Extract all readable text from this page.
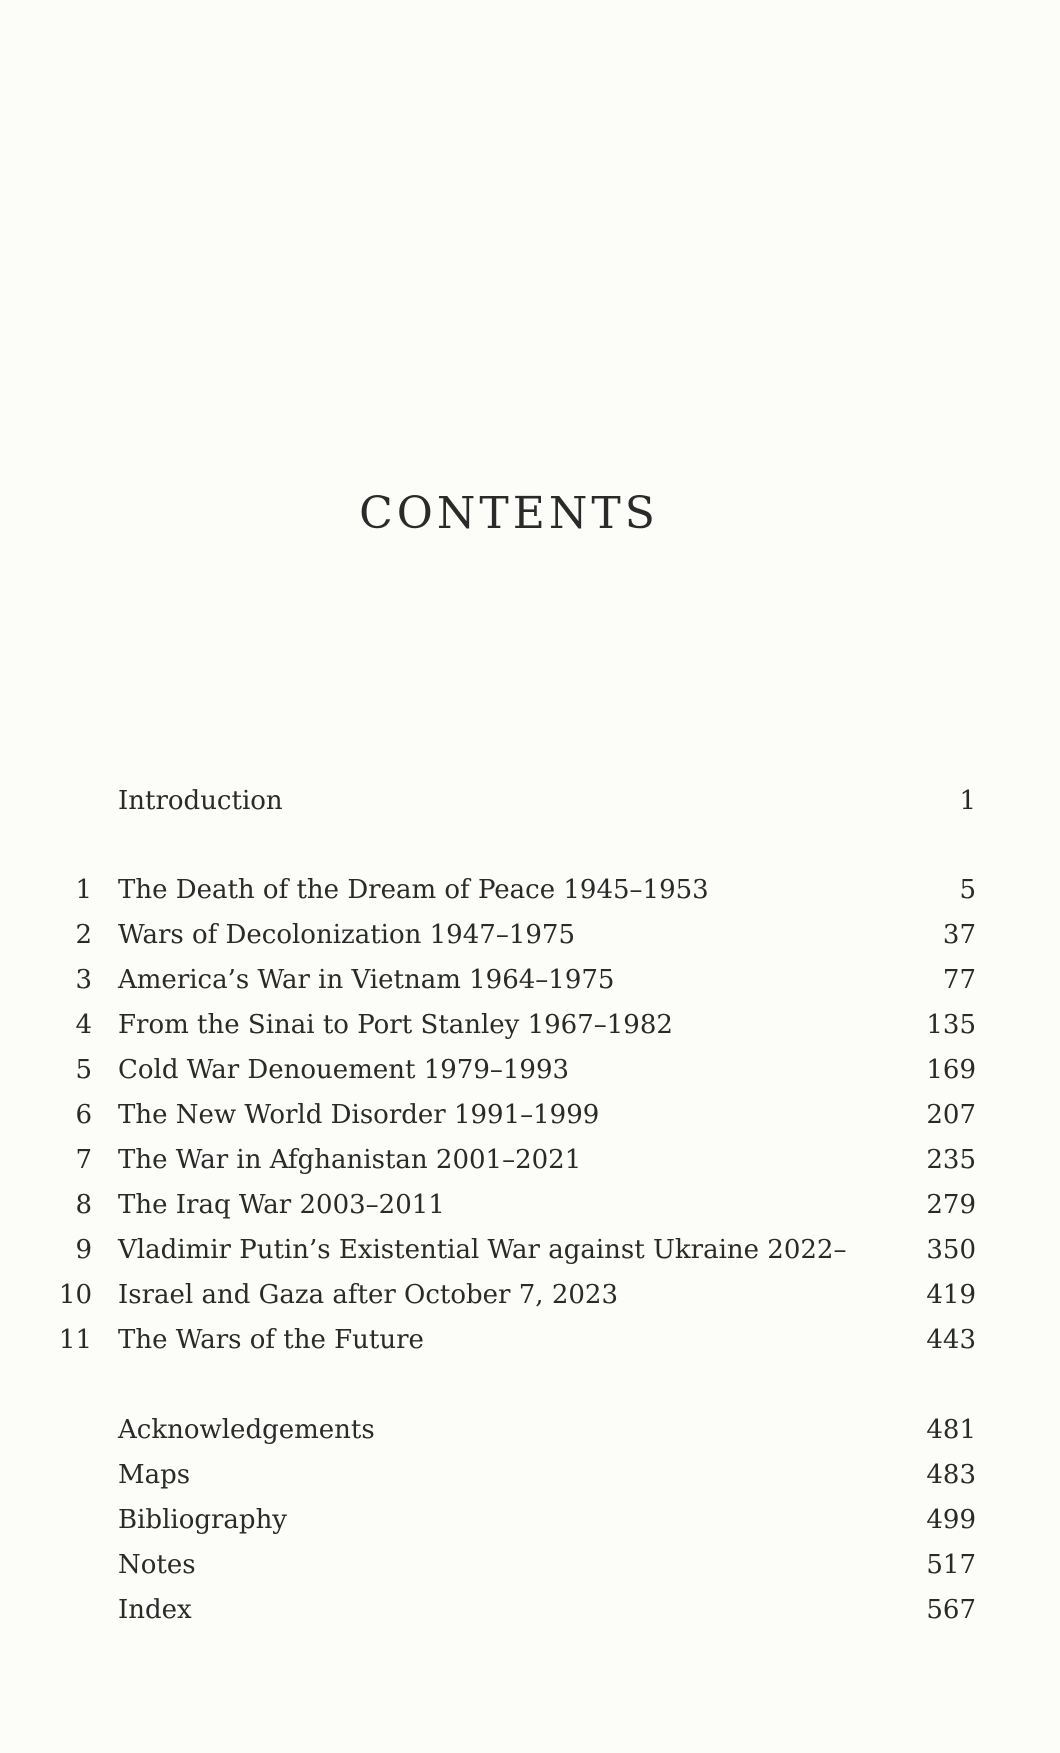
CONTENTS
Introduction	1
1 The Death of the Dream of Peace 1945–1953	5
2 Wars of Decolonization 1947–1975	37
3 America’s War in Vietnam 1964–1975	77
4 From the Sinai to Port Stanley 1967–1982	135
5 Cold War Denouement 1979–1993	169
6 The New World Disorder 1991–1999	207
7 The War in Afghanistan 2001–2021	235
8 The Iraq War 2003–2011	279
9 Vladimir Putin’s Existential War against Ukraine 2022–	350
10 Israel and Gaza after October 7, 2023	419
11 The Wars of the Future	443
Acknowledgements	481
Maps	483
Bibliography	499
Notes	517
Index	567
